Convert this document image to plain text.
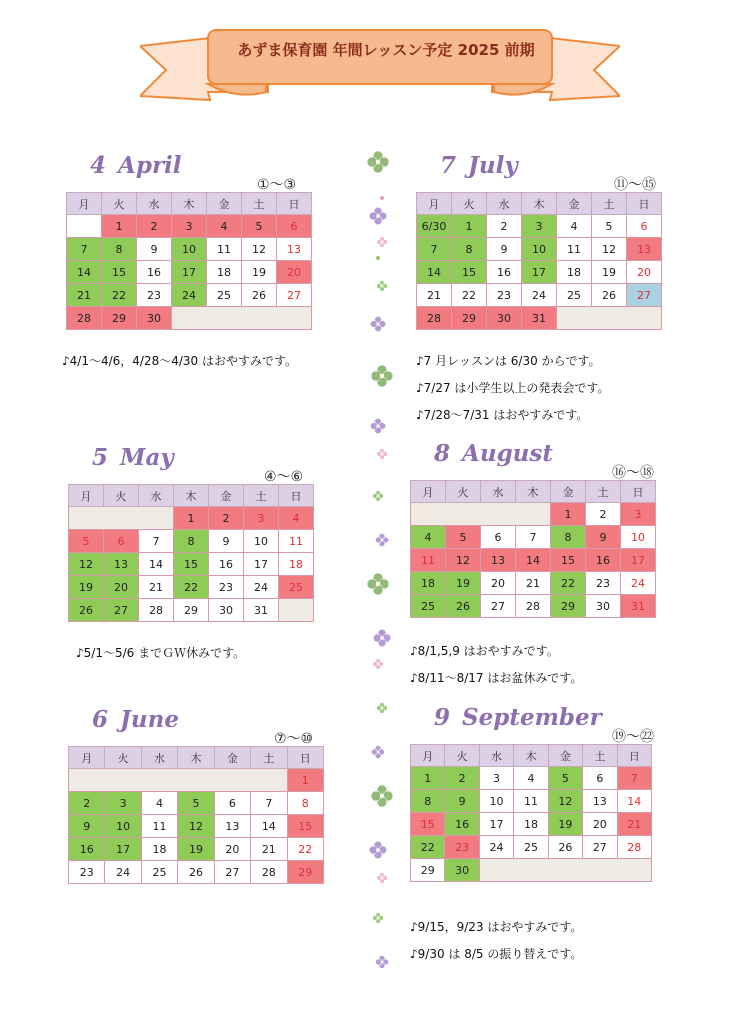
あずま保育園 年間レッスン予定 2025 前期
4 April
①～③
月	火	水	木	金	土	日
	1	2	3	4	5	6
7	8	9	10	11	12	13
14	15	16	17	18	19	20
21	22	23	24	25	26	27
28	29	30				
♪4/1～4/6，4/28～4/30 はおやすみです。
5 May
④～⑥
月	火	水	木	金	土	日
			1	2	3	4
5	6	7	8	9	10	11
12	13	14	15	16	17	18
19	20	21	22	23	24	25
26	27	28	29	30	31	
♪5/1～5/6 までＧＷ休みです。
6 June
⑦～⑩
月	火	水	木	金	土	日
						1
2	3	4	5	6	7	8
9	10	11	12	13	14	15
16	17	18	19	20	21	22
23	24	25	26	27	28	29
7 July
⑪～⑮
月	火	水	木	金	土	日
6/30	1	2	3	4	5	6
7	8	9	10	11	12	13
14	15	16	17	18	19	20
21	22	23	24	25	26	27
28	29	30	31			
♪7 月レッスンは 6/30 からです。
♪7/27 は小学生以上の発表会です。
♪7/28～7/31 はおやすみです。
8 August
⑯～⑱
月	火	水	木	金	土	日
				1	2	3
4	5	6	7	8	9	10
11	12	13	14	15	16	17
18	19	20	21	22	23	24
25	26	27	28	29	30	31
♪8/1,5,9 はおやすみです。
♪8/11～8/17 はお盆休みです。
9 September
⑲～㉒
月	火	水	木	金	土	日
1	2	3	4	5	6	7
8	9	10	11	12	13	14
15	16	17	18	19	20	21
22	23	24	25	26	27	28
29	30					
♪9/15，9/23 はおやすみです。
♪9/30 は 8/5 の振り替えです。
